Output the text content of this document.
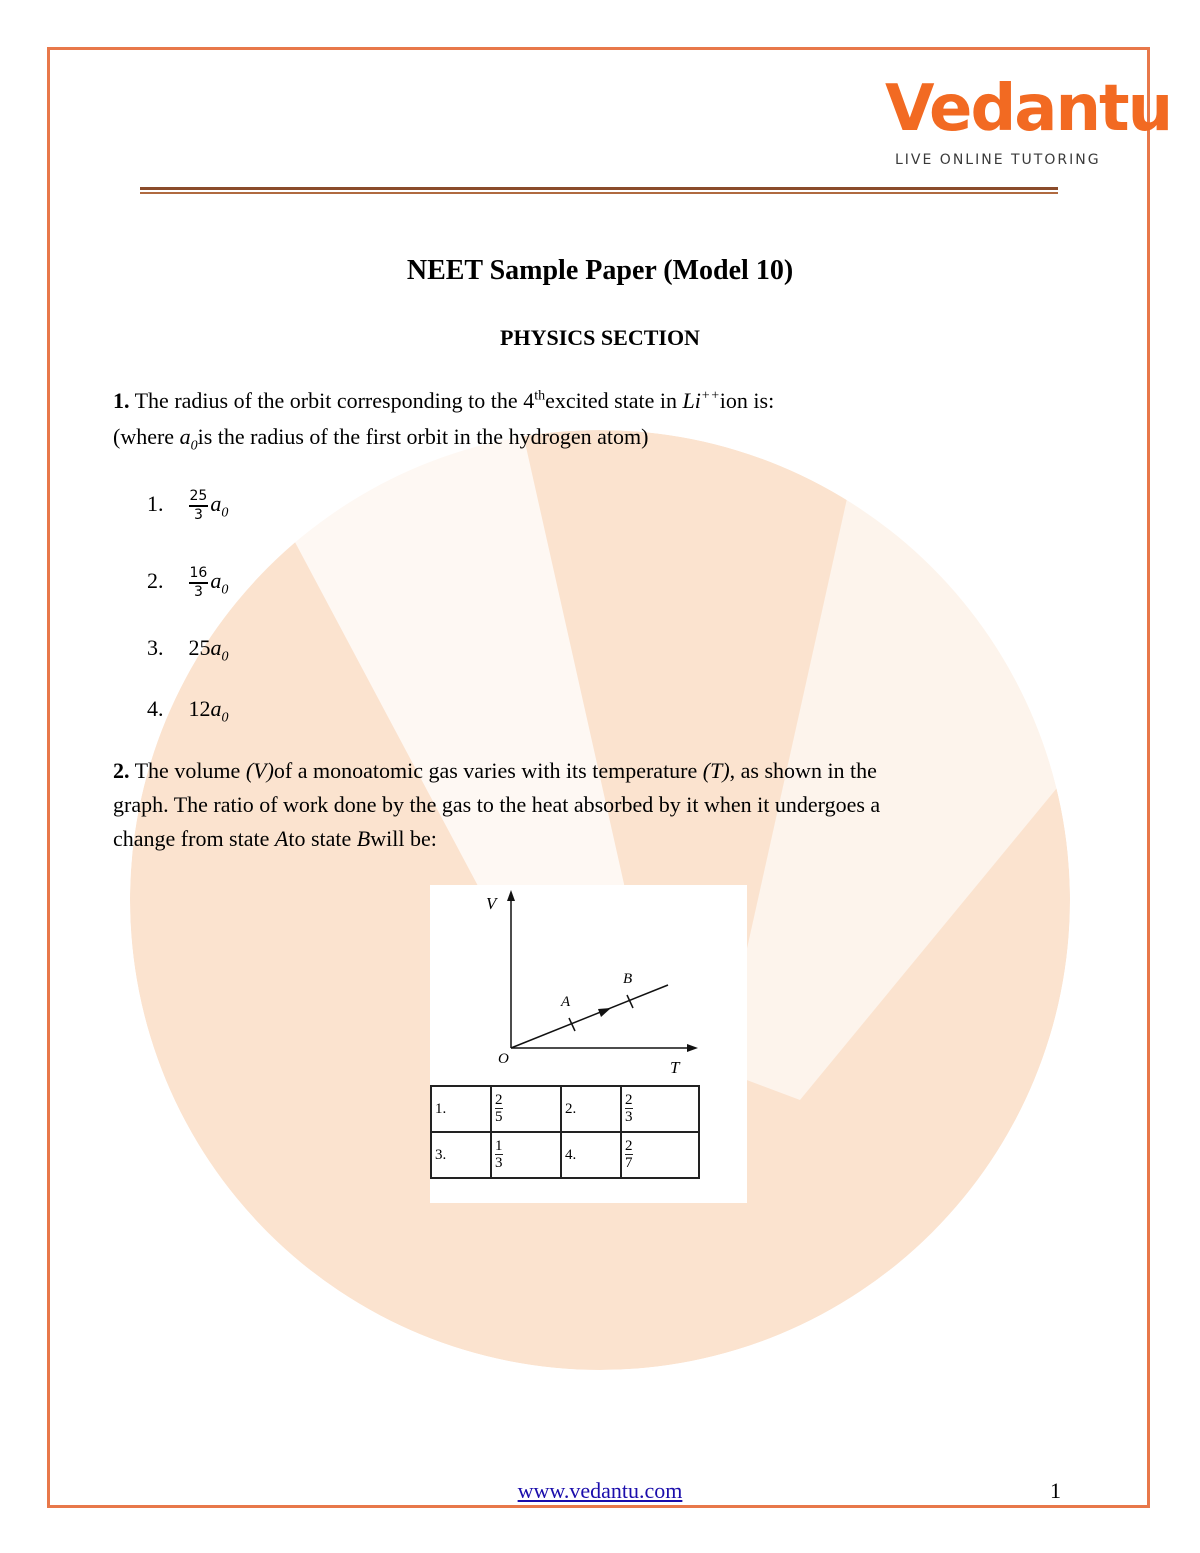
Vedantu
LIVE ONLINE TUTORING
NEET Sample Paper (Model 10)
PHYSICS SECTION
1. The radius of the orbit corresponding to the 4thexcited state in Li++ion is:
(where $a_0is$ the radius of the first orbit in the hydrogen atom)
1. $\frac{25}{3} a_0$
2. $\frac{16}{3} a_0$
3. $25a_0$
4. $12a_0$
2. The volume (V)of a monoatomic gas varies with its temperature (T), as shown in the
graph. The ratio of work done by the gas to the heat absorbed by it when it undergoes a
change from state Ato state Bwill be:
V
T
O
A
B
1.	$\frac{2}{5}$	2.	$\frac{2}{3}$

3.	$\frac{1}{3}$	4.	$\frac{2}{7}$
www.vedantu.com	1
